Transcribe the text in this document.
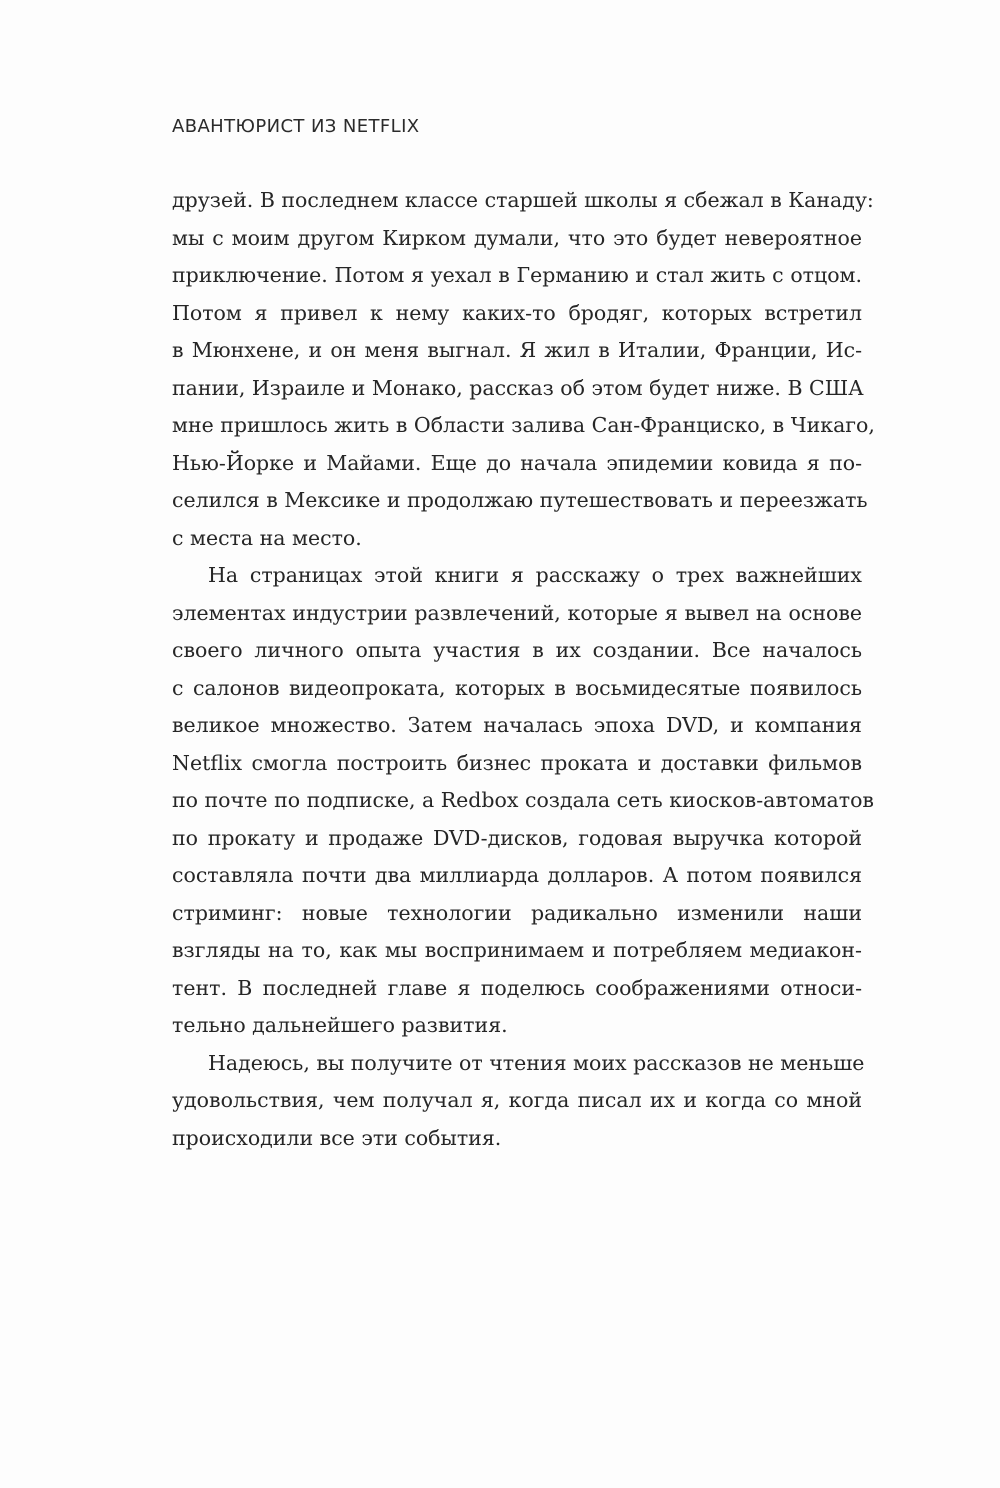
АВАНТЮРИСТ ИЗ NETFLIX
друзей. В последнем классе старшей школы я сбежал в Канаду:
мы с моим другом Кирком думали, что это будет невероятное
приключение. Потом я уехал в Германию и стал жить с отцом.
Потом я привел к нему каких-то бродяг, которых встретил
в Мюнхене, и он меня выгнал. Я жил в Италии, Франции, Ис-
пании, Израиле и Монако, рассказ об этом будет ниже. В США
мне пришлось жить в Области залива Сан-Франциско, в Чикаго,
Нью-Йорке и Майами. Еще до начала эпидемии ковида я по-
селился в Мексике и продолжаю путешествовать и переезжать
с места на место.
На страницах этой книги я расскажу о трех важнейших
элементах индустрии развлечений, которые я вывел на основе
своего личного опыта участия в их создании. Все началось
с салонов видеопроката, которых в восьмидесятые появилось
великое множество. Затем началась эпоха DVD, и компания
Netflix смогла построить бизнес проката и доставки фильмов
по почте по подписке, а Redbox создала сеть киосков-автоматов
по прокату и продаже DVD-дисков, годовая выручка которой
составляла почти два миллиарда долларов. А потом появился
стриминг: новые технологии радикально изменили наши
взгляды на то, как мы воспринимаем и потребляем медиакон-
тент. В последней главе я поделюсь соображениями относи-
тельно дальнейшего развития.
Надеюсь, вы получите от чтения моих рассказов не меньше
удовольствия, чем получал я, когда писал их и когда со мной
происходили все эти события.
